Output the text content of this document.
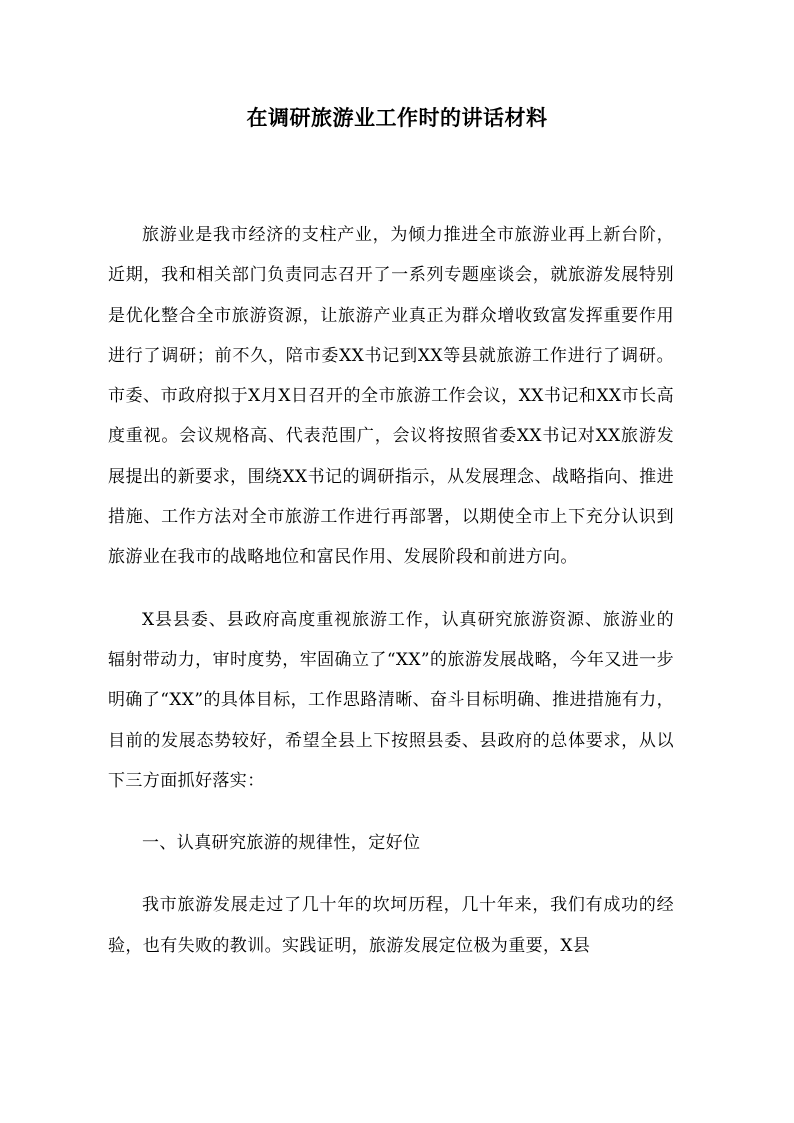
在调研旅游业工作时的讲话材料

旅游业是我市经济的支柱产业，为倾力推进全市旅游业再上新台阶，近期，我和相关部门负责同志召开了一系列专题座谈会，就旅游发展特别是优化整合全市旅游资源，让旅游产业真正为群众增收致富发挥重要作用进行了调研；前不久，陪市委XX书记到XX等县就旅游工作进行了调研。市委、市政府拟于X月X日召开的全市旅游工作会议，XX书记和XX市长高度重视。会议规格高、代表范围广，会议将按照省委XX书记对XX旅游发展提出的新要求，围绕XX书记的调研指示，从发展理念、战略指向、推进措施、工作方法对全市旅游工作进行再部署，以期使全市上下充分认识到旅游业在我市的战略地位和富民作用、发展阶段和前进方向。

X县县委、县政府高度重视旅游工作，认真研究旅游资源、旅游业的辐射带动力，审时度势，牢固确立了“XX”的旅游发展战略，今年又进一步明确了“XX”的具体目标，工作思路清晰、奋斗目标明确、推进措施有力，目前的发展态势较好，希望全县上下按照县委、县政府的总体要求，从以下三方面抓好落实：

一、认真研究旅游的规律性，定好位

我市旅游发展走过了几十年的坎坷历程，几十年来，我们有成功的经验，也有失败的教训。实践证明，旅游发展定位极为重要，X县
